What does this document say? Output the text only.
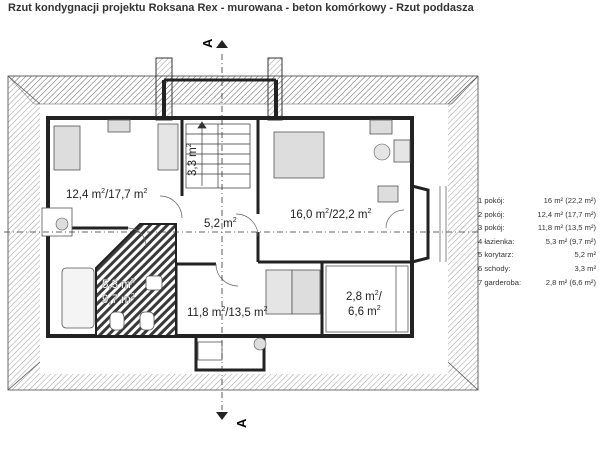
Rzut kondygnacji projektu Roksana Rex - murowana - beton komórkowy - Rzut poddasza
A
A
12,4 $m^2/17,7$ $m^2$
16,0 $m^2/22,2$ $m^2$
5,2 $m^2$
11,8 $m^2/13,5$ $m^2$
3,3 $m^2$
2,8 $m^2/$
6,6 $m^2$
5,3 $m^2$
9,7 $m^2$
1 pokój:	16 m² (22,2 m²)
2 pokój:	12,4 m² (17,7 m²)
3 pokój:	11,8 m² (13,5 m²)
4 łazienka:	5,3 m² (9,7 m²)
5 korytarz:	5,2 m²
6 schody:	3,3 m²
7 garderoba:	2,8 m² (6,6 m²)
